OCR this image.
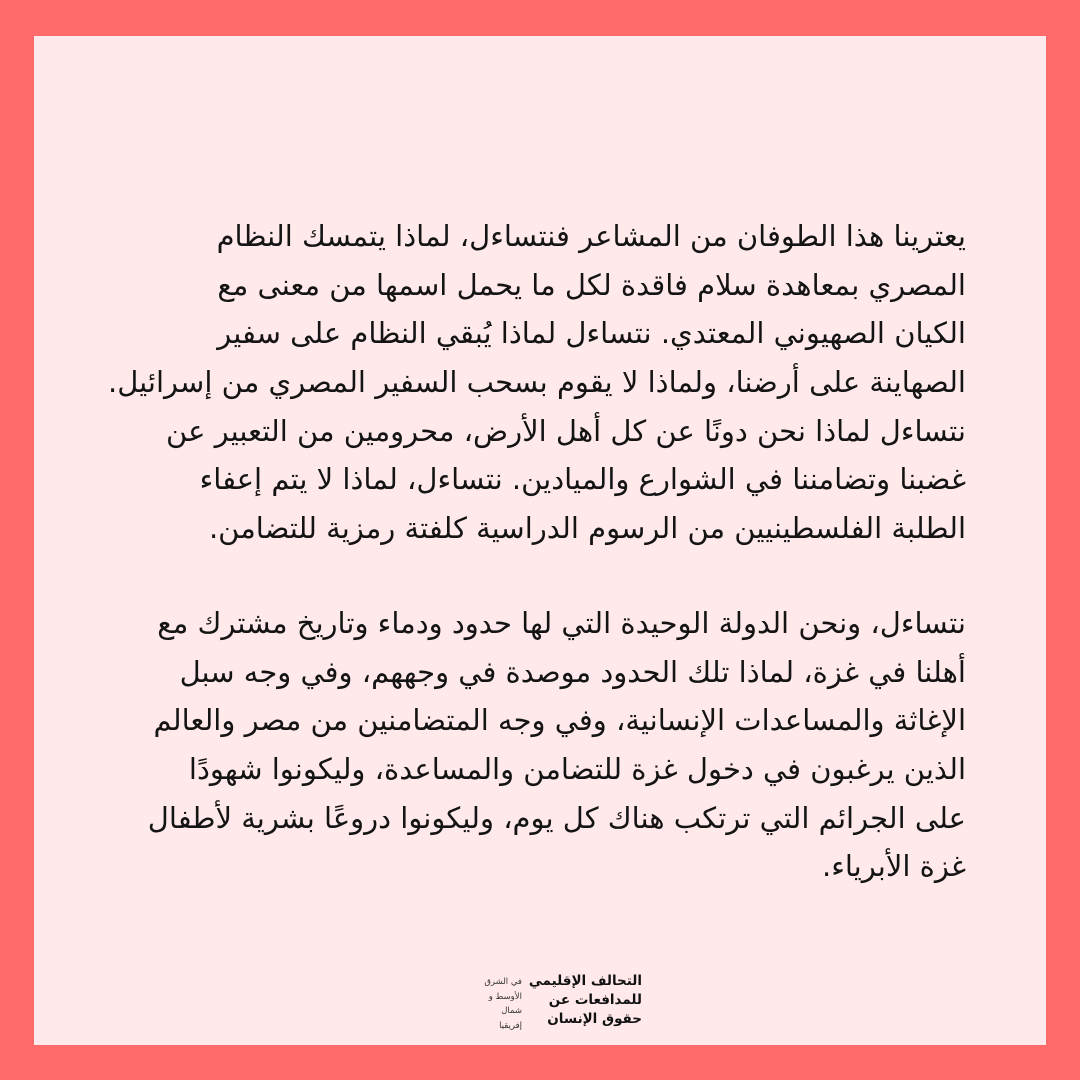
يعترينا هذا الطوفان من المشاعر فنتساءل، لماذا يتمسك النظام
المصري بمعاهدة سلام فاقدة لكل ما يحمل اسمها من معنى مع
الكيان الصهيوني المعتدي. نتساءل لماذا يُبقي النظام على سفير
الصهاينة على أرضنا، ولماذا لا يقوم بسحب السفير المصري من إسرائيل.
نتساءل لماذا نحن دونًا عن كل أهل الأرض، محرومين من التعبير عن
غضبنا وتضامننا في الشوارع والميادين. نتساءل، لماذا لا يتم إعفاء
الطلبة الفلسطينيين من الرسوم الدراسية كلفتة رمزية للتضامن.
نتساءل، ونحن الدولة الوحيدة التي لها حدود ودماء وتاريخ مشترك مع
أهلنا في غزة، لماذا تلك الحدود موصدة في وجههم، وفي وجه سبل
الإغاثة والمساعدات الإنسانية، وفي وجه المتضامنين من مصر والعالم
الذين يرغبون في دخول غزة للتضامن والمساعدة، وليكونوا شهودًا
على الجرائم التي ترتكب هناك كل يوم، وليكونوا دروعًا بشرية لأطفال
غزة الأبرياء.
التحالف الإقليمي
للمدافعات عن
حقوق الإنسان
في الشرق
الأوسط و
شمال
إفريقيا
